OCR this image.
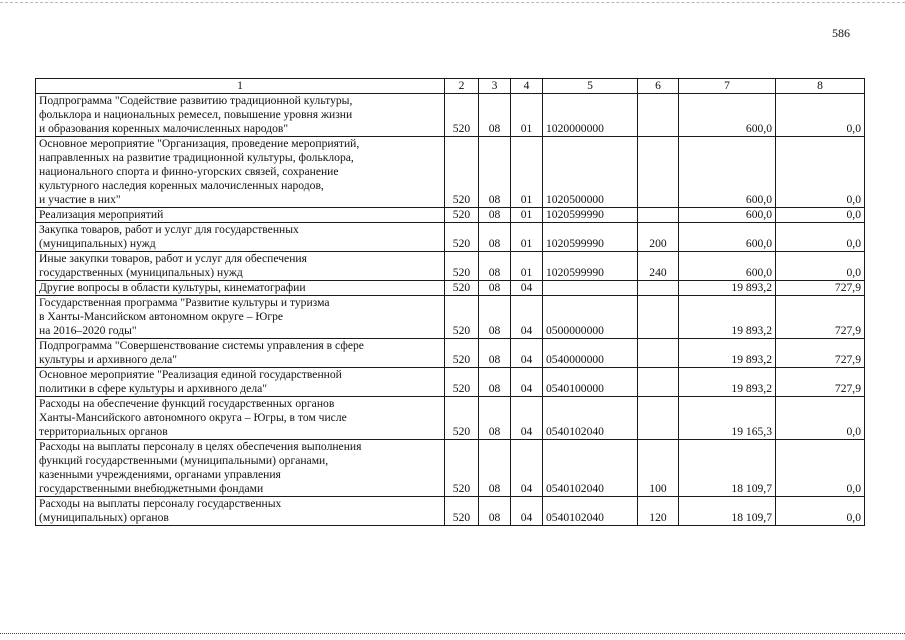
586
1	2	3	4	5	6	7	8
Подпрограмма "Содействие развитию традиционной культуры,
фольклора и национальных ремесел, повышение уровня жизни
и образования коренных малочисленных народов"	520	08	01	1020000000		600,0	0,0
Основное мероприятие "Организация, проведение мероприятий,
направленных на развитие традиционной культуры, фольклора,
национального спорта и финно-угорских связей, сохранение
культурного наследия коренных малочисленных народов,
и участие в них"	520	08	01	1020500000		600,0	0,0
Реализация мероприятий	520	08	01	1020599990		600,0	0,0
Закупка товаров, работ и услуг для государственных
(муниципальных) нужд	520	08	01	1020599990	200	600,0	0,0
Иные закупки товаров, работ и услуг для обеспечения
государственных (муниципальных) нужд	520	08	01	1020599990	240	600,0	0,0
Другие вопросы в области культуры, кинематографии	520	08	04			19 893,2	727,9
Государственная программа "Развитие культуры и туризма
в Ханты-Мансийском автономном округе – Югре
на 2016–2020 годы"	520	08	04	0500000000		19 893,2	727,9
Подпрограмма "Совершенствование системы управления в сфере
культуры и архивного дела"	520	08	04	0540000000		19 893,2	727,9
Основное мероприятие "Реализация единой государственной
политики в сфере культуры и архивного дела"	520	08	04	0540100000		19 893,2	727,9
Расходы на обеспечение функций государственных органов
Ханты-Мансийского автономного округа – Югры, в том числе
территориальных органов	520	08	04	0540102040		19 165,3	0,0
Расходы на выплаты персоналу в целях обеспечения выполнения
функций государственными (муниципальными) органами,
казенными учреждениями, органами управления
государственными внебюджетными фондами	520	08	04	0540102040	100	18 109,7	0,0
Расходы на выплаты персоналу государственных
(муниципальных) органов	520	08	04	0540102040	120	18 109,7	0,0
